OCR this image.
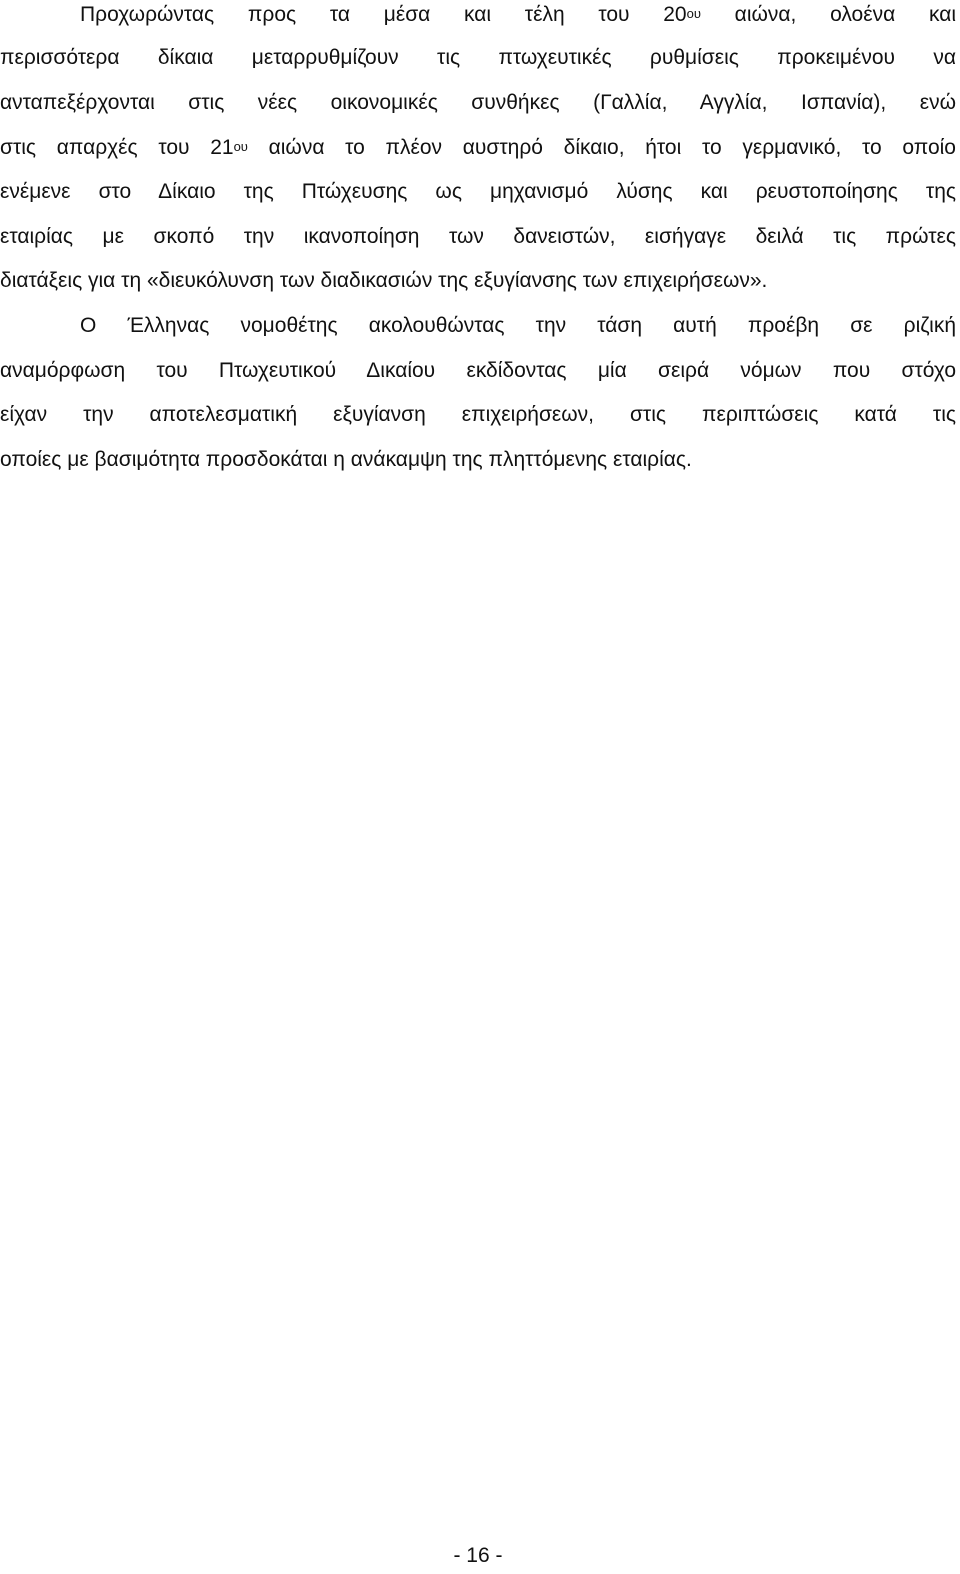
Προχωρώντας προς τα μέσα και τέλη του $20^{o\upsilon}$ αιώνα, ολοένα και
περισσότερα δίκαια μεταρρυθμίζουν τις πτωχευτικές ρυθμίσεις προκειμένου να
ανταπεξέρχονται στις νέες οικονομικές συνθήκες (Γαλλία, Αγγλία, Ισπανία), ενώ
στις απαρχές του $21^{o\upsilon}$ αιώνα το πλέον αυστηρό δίκαιο, ήτοι το γερμανικό, το οποίο
ενέμενε στο Δίκαιο της Πτώχευσης ως μηχανισμό λύσης και ρευστοποίησης της
εταιρίας με σκοπό την ικανοποίηση των δανειστών, εισήγαγε δειλά τις πρώτες
διατάξεις για τη «διευκόλυνση των διαδικασιών της εξυγίανσης των επιχειρήσεων».
Ο Έλληνας νομοθέτης ακολουθώντας την τάση αυτή προέβη σε ριζική
αναμόρφωση του Πτωχευτικού Δικαίου εκδίδοντας μία σειρά νόμων που στόχο
είχαν την αποτελεσματική εξυγίανση επιχειρήσεων, στις περιπτώσεις κατά τις
οποίες με βασιμότητα προσδοκάται η ανάκαμψη της πληττόμενης εταιρίας.
- 16 -
